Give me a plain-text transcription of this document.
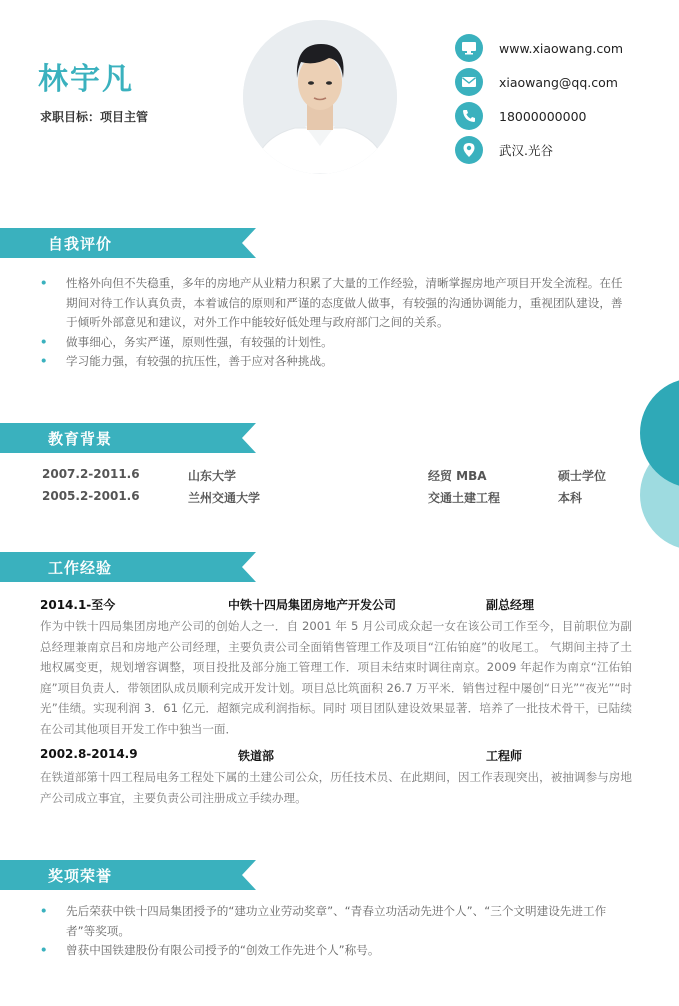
林宇凡
求职目标：项目主管
www.xiaowang.com
xiaowang@qq.com
18000000000
武汉.光谷
自我评价
• 性格外向但不失稳重，多年的房地产从业精力积累了大量的工作经验，清晰掌握房地产项目开发全流程。在任期间对待工作认真负责，本着诚信的原则和严谨的态度做人做事，有较强的沟通协调能力，重视团队建设，善于倾听外部意见和建议，对外工作中能较好低处理与政府部门之间的关系。
• 做事细心，务实严谨，原则性强，有较强的计划性。
• 学习能力强，有较强的抗压性，善于应对各种挑战。
教育背景
2007.2-2011.6	山东大学	经贸 MBA	硕士学位
2005.2-2001.6	兰州交通大学	交通土建工程	本科
工作经验
2014.1-至今	中铁十四局集团房地产开发公司	副总经理
作为中铁十四局集团房地产公司的创始人之一．自 2001 年 5 月公司成众起一女在该公司工作至今，目前职位为副总经理兼南京吕和房地产公司经理，主要负责公司全面销售管理工作及项目“江佑铂庭”的收尾工。 气期间主持了土地权属变更，规划增容调整，项目投批及部分施工管理工作．项目未结束时调往南京。2009 年起作为南京“江佑铂庭”项目负责人．带领团队成员顺利完成开发计划。项目总比筑面积 26.7 万平米．销售过程中屡创“日光”“夜光”“时光”佳绩。实现利润 3．61 亿元．超额完成利润指标。同时 项目团队建设效果显著．培养了一批技术骨干，已陆续在公司其他项目开发工作中独当一面．
2002.8-2014.9	铁道部	工程师
在铁道部第十四工程局电务工程处下属的土建公司公众，历任技术员、在此期间，因工作表现突出，被抽调参与房地产公司成立事宜，主要负责公司注册成立手续办理。
奖项荣誉
• 先后荣获中铁十四局集团授予的“建功立业劳动奖章”、“青春立功活动先进个人”、“三个文明建设先进工作者”等奖项。
• 曾获中国铁建股份有限公司授予的“创效工作先进个人”称号。
